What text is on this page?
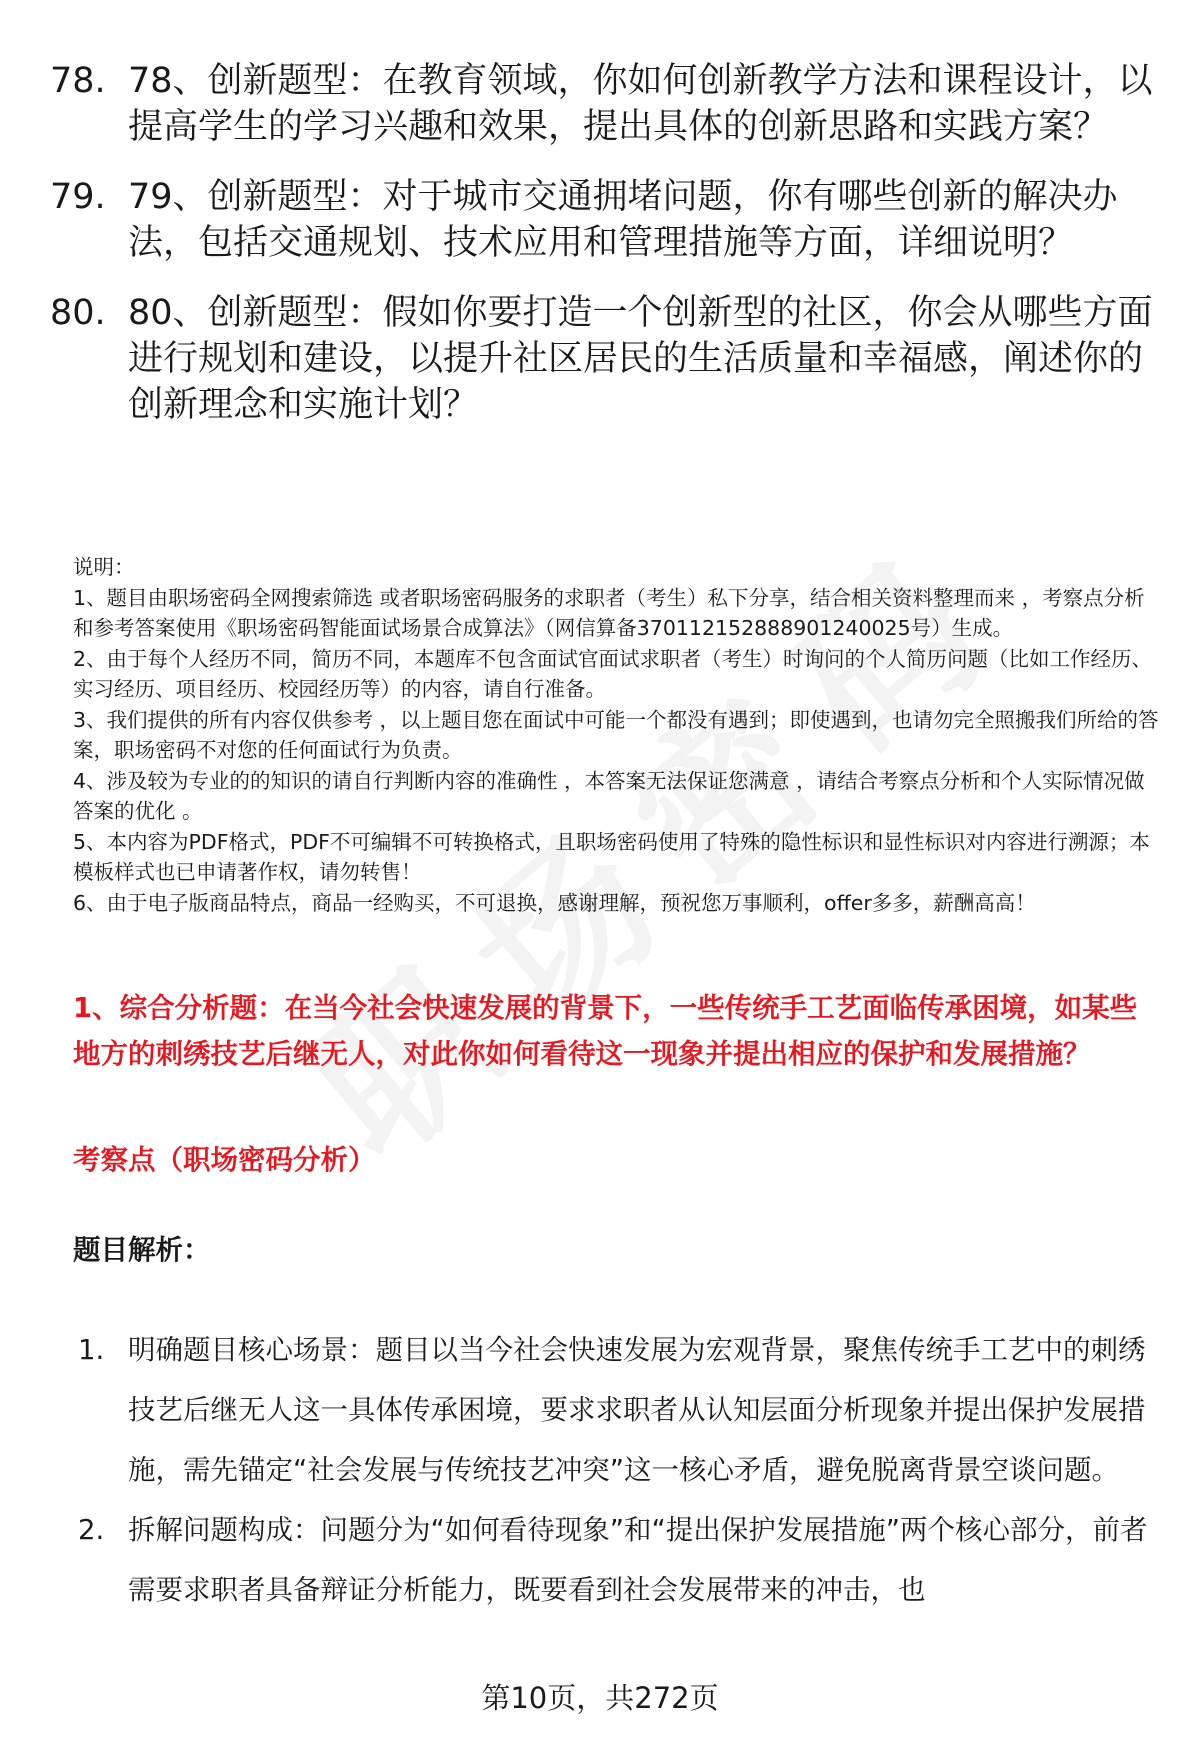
78. 78、创新题型：在教育领域，你如何创新教学方法和课程设计，以提高学生的学习兴趣和效果，提出具体的创新思路和实践方案？
79. 79、创新题型：对于城市交通拥堵问题，你有哪些创新的解决办法，包括交通规划、技术应用和管理措施等方面，详细说明？
80. 80、创新题型：假如你要打造一个创新型的社区，你会从哪些方面进行规划和建设，以提升社区居民的生活质量和幸福感，阐述你的创新理念和实施计划？

说明：

1、题目由职场密码全网搜索筛选 或者职场密码服务的求职者（考生）私下分享，结合相关资料整理而来 ，考察点分析和参考答案使用《职场密码智能面试场景合成算法》（网信算备370112152888901240025号）生成。

2、由于每个人经历不同，简历不同，本题库不包含面试官面试求职者（考生）时询问的个人简历问题（比如工作经历、实习经历、项目经历、校园经历等）的内容，请自行准备。

3、我们提供的所有内容仅供参考 ，以上题目您在面试中可能一个都没有遇到；即使遇到，也请勿完全照搬我们所给的答案，职场密码不对您的任何面试行为负责。

4、涉及较为专业的的知识的请自行判断内容的准确性 ，本答案无法保证您满意 ，请结合考察点分析和个人实际情况做答案的优化 。

5、本内容为PDF格式，PDF不可编辑不可转换格式，且职场密码使用了特殊的隐性标识和显性标识对内容进行溯源；本模板样式也已申请著作权，请勿转售！

6、由于电子版商品特点，商品一经购买，不可退换，感谢理解，预祝您万事顺利，offer多多，薪酬高高！

1、综合分析题：在当今社会快速发展的背景下，一些传统手工艺面临传承困境，如某些地方的刺绣技艺后继无人，对此你如何看待这一现象并提出相应的保护和发展措施？
考察点（职场密码分析）
题目解析：
1. 明确题目核心场景：题目以当今社会快速发展为宏观背景，聚焦传统手工艺中的刺绣技艺后继无人这一具体传承困境，要求求职者从认知层面分析现象并提出保护发展措施，需先锚定“社会发展与传统技艺冲突”这一核心矛盾，避免脱离背景空谈问题。
2. 拆解问题构成：问题分为“如何看待现象”和“提出保护发展措施”两个核心部分，前者需要求职者具备辩证分析能力，既要看到社会发展带来的冲击，也
第10页，共272页
